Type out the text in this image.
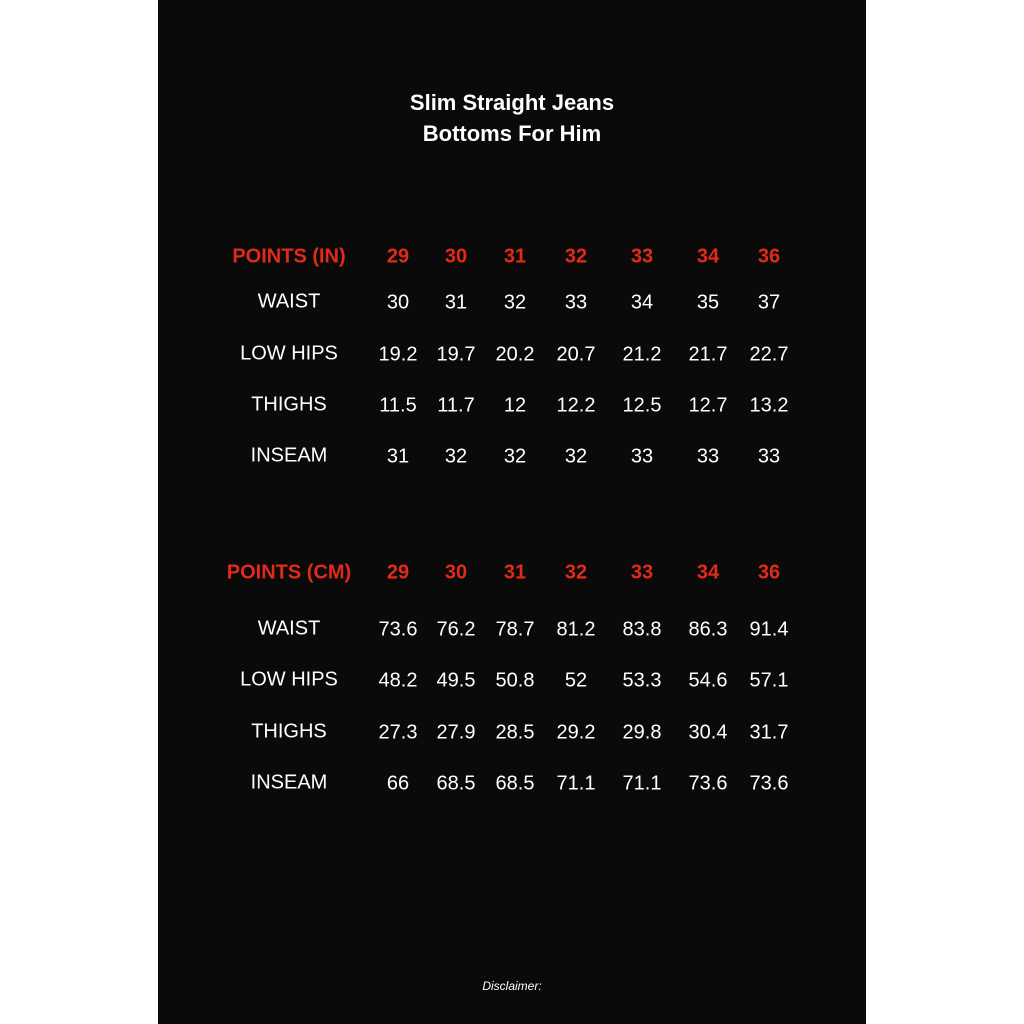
Slim Straight Jeans
Bottoms For Him
POINTS (IN) 29 30 31 32 33 34 36
WAIST	30 31 32 33 34 35 37
LOW HIPS 19.2 19.7 20.2 20.7 21.2 21.7 22.7
THIGHS	11.5 11.7 12 12.2 12.5 12.7 13.2
INSEAM	31 32 32 32 33 33 33
POINTS (CM) 29 30 31 32 33 34 36
WAIST	73.6 76.2 78.7 81.2 83.8 86.3 91.4
LOW HIPS 48.2 49.5 50.8 52 53.3 54.6 57.1
THIGHS	27.3 27.9 28.5 29.2 29.8 30.4 31.7
INSEAM	66 68.5 68.5 71.1 71.1 73.6 73.6
Disclaimer:
